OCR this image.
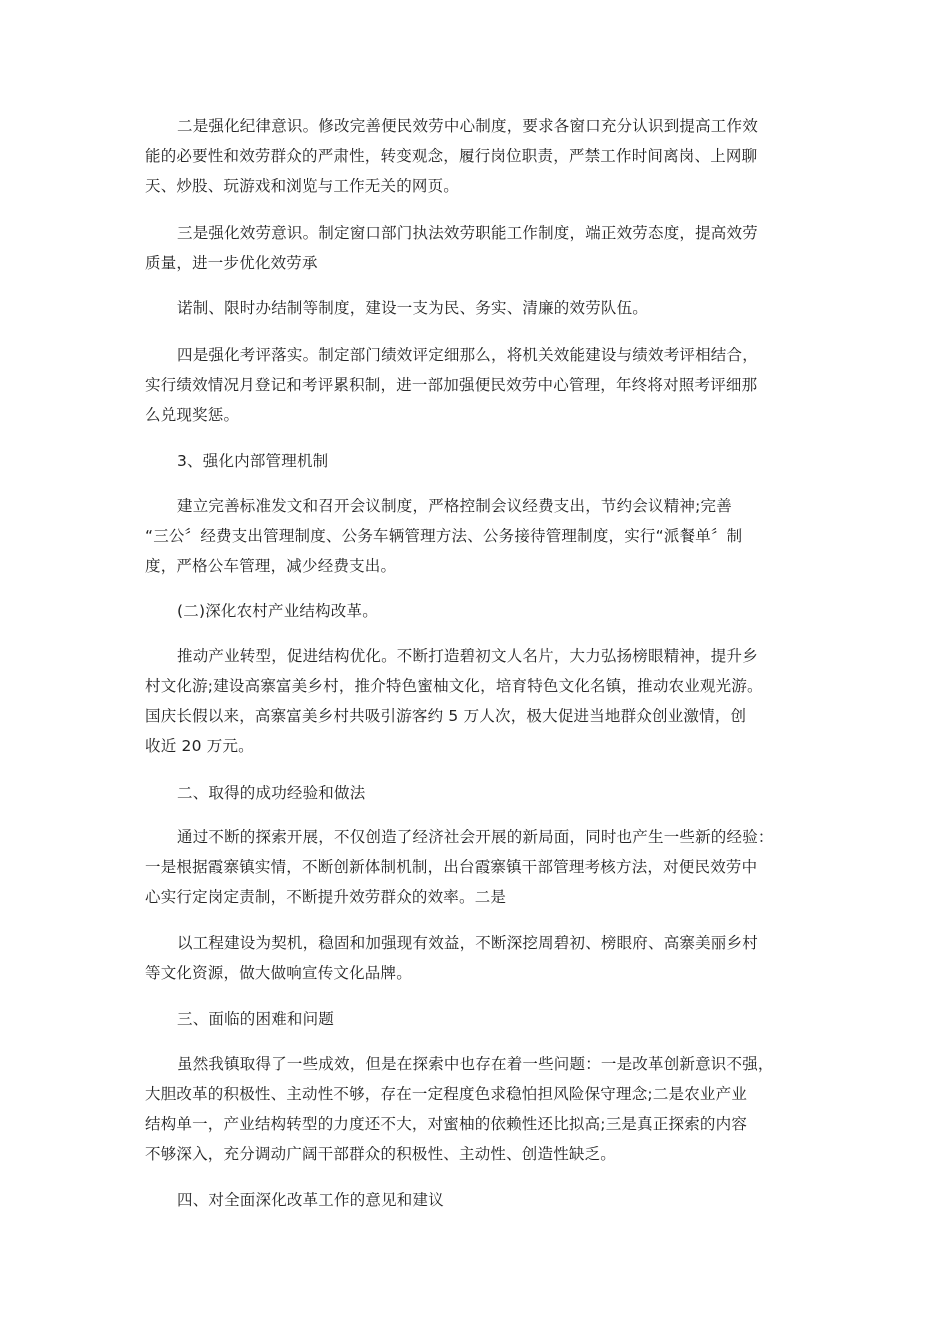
二是强化纪律意识。修改完善便民效劳中心制度，要求各窗口充分认识到提高工作效
能的必要性和效劳群众的严肃性，转变观念，履行岗位职责，严禁工作时间离岗、上网聊
天、炒股、玩游戏和浏览与工作无关的网页。

三是强化效劳意识。制定窗口部门执法效劳职能工作制度，端正效劳态度，提高效劳
质量，进一步优化效劳承

诺制、限时办结制等制度，建设一支为民、务实、清廉的效劳队伍。

四是强化考评落实。制定部门绩效评定细那么，将机关效能建设与绩效考评相结合，
实行绩效情况月登记和考评累积制，进一部加强便民效劳中心管理，年终将对照考评细那
么兑现奖惩。

3、强化内部管理机制

建立完善标准发文和召开会议制度，严格控制会议经费支出，节约会议精神;完善
“三公〞经费支出管理制度、公务车辆管理方法、公务接待管理制度，实行“派餐单〞制
度，严格公车管理，减少经费支出。

(二)深化农村产业结构改革。

推动产业转型，促进结构优化。不断打造碧初文人名片，大力弘扬榜眼精神，提升乡
村文化游;建设高寨富美乡村，推介特色蜜柚文化，培育特色文化名镇，推动农业观光游。
国庆长假以来，高寨富美乡村共吸引游客约 5 万人次，极大促进当地群众创业激情，创
收近 20 万元。

二、取得的成功经验和做法

通过不断的探索开展，不仅创造了经济社会开展的新局面，同时也产生一些新的经验：
一是根据霞寨镇实情，不断创新体制机制，出台霞寨镇干部管理考核方法，对便民效劳中
心实行定岗定责制，不断提升效劳群众的效率。二是

以工程建设为契机，稳固和加强现有效益，不断深挖周碧初、榜眼府、高寨美丽乡村
等文化资源，做大做响宣传文化品牌。

三、面临的困难和问题

虽然我镇取得了一些成效，但是在探索中也存在着一些问题：一是改革创新意识不强，
大胆改革的积极性、主动性不够，存在一定程度色求稳怕担风险保守理念;二是农业产业
结构单一，产业结构转型的力度还不大，对蜜柚的依赖性还比拟高;三是真正探索的内容
不够深入，充分调动广阔干部群众的积极性、主动性、创造性缺乏。

四、对全面深化改革工作的意见和建议
